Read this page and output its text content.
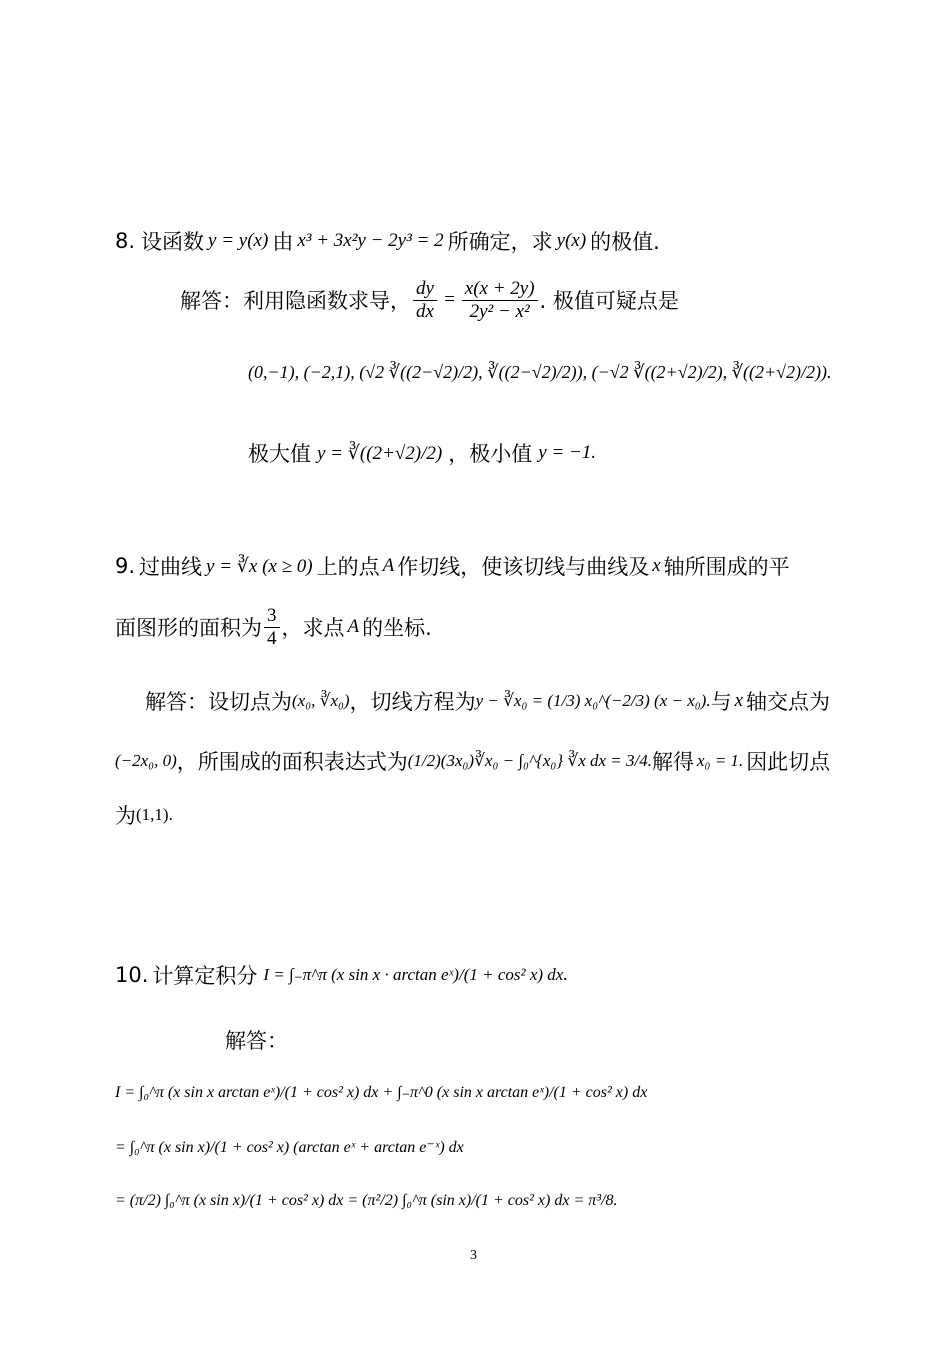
8. 设函数 y = y(x) 由 x³ + 3x²y − 2y³ = 2 所确定，求 y(x) 的极值.
解答： 利用隐函数求导， $\frac{dy}{dx} = \frac{x(x + 2y)}{\text{2y² − x²}}$ . 极值可疑点是
(0,−1), (−2,1), (√2 ∛((2−√2)/2), ∛((2−√2)/2)), (−√2 ∛((2+√2)/2), ∛((2+√2)/2)).
极大值 y = ∛((2+√2)/2) ，极小值 y = −1.
9. 过曲线 y = ∛x (x ≥ 0) 上的点 A 作切线，使该切线与曲线及 x 轴所围成的平
面图形的面积为 $\frac{3}{4}$ ，求点 A 的坐标.
解答： 设切点为 (x₀, ∛x₀) ，切线方程为 y − ∛x₀ = (1/3) x₀^(−2/3) (x − x₀). 与 x 轴交点为
(−2x₀, 0) ，所围成的面积表达式为 (1/2)(3x₀)∛x₀ − ∫₀^{x₀} ∛x dx = 3/4. 解得 x₀ = 1. 因此切点
为 (1,1).
10. 计算定积分 I = ∫₋π^π (x sin x · arctan eˣ)/(1 + cos² x) dx .
解答：
I = ∫₀^π (x sin x arctan eˣ)/(1 + cos² x) dx + ∫₋π^0 (x sin x arctan eˣ)/(1 + cos² x) dx
= ∫₀^π (x sin x)/(1 + cos² x) (arctan eˣ + arctan e⁻ˣ) dx
= (π/2) ∫₀^π (x sin x)/(1 + cos² x) dx = (π²/2) ∫₀^π (sin x)/(1 + cos² x) dx = π³/8.
3
